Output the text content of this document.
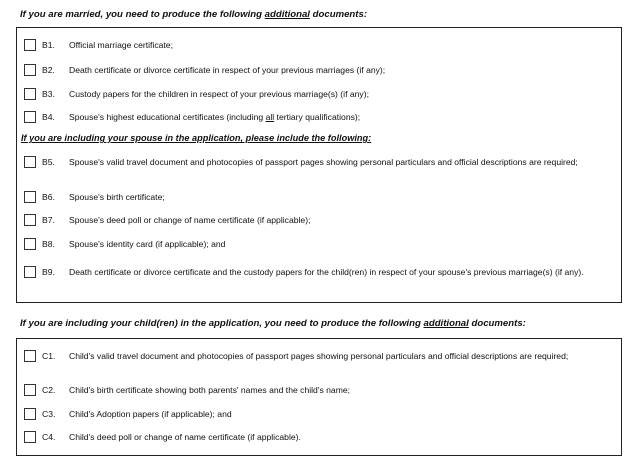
If you are married, you need to produce the following additional documents:
B1. Official marriage certificate;
B2. Death certificate or divorce certificate in respect of your previous marriages (if any);
B3. Custody papers for the children in respect of your previous marriage(s) (if any);
B4. Spouse's highest educational certificates (including all tertiary qualifications);
If you are including your spouse in the application, please include the following:
B5. Spouse's valid travel document and photocopies of passport pages showing personal particulars and official descriptions are required;
B6. Spouse's birth certificate;
B7. Spouse's deed poll or change of name certificate (if applicable);
B8. Spouse's identity card (if applicable); and
B9. Death certificate or divorce certificate and the custody papers for the child(ren) in respect of your spouse's previous marriage(s) (if any).
If you are including your child(ren) in the application, you need to produce the following additional documents:
C1. Child's valid travel document and photocopies of passport pages showing personal particulars and official descriptions are required;
C2. Child's birth certificate showing both parents' names and the child's name;
C3. Child's Adoption papers (if applicable); and
C4. Child's deed poll or change of name certificate (if applicable).
